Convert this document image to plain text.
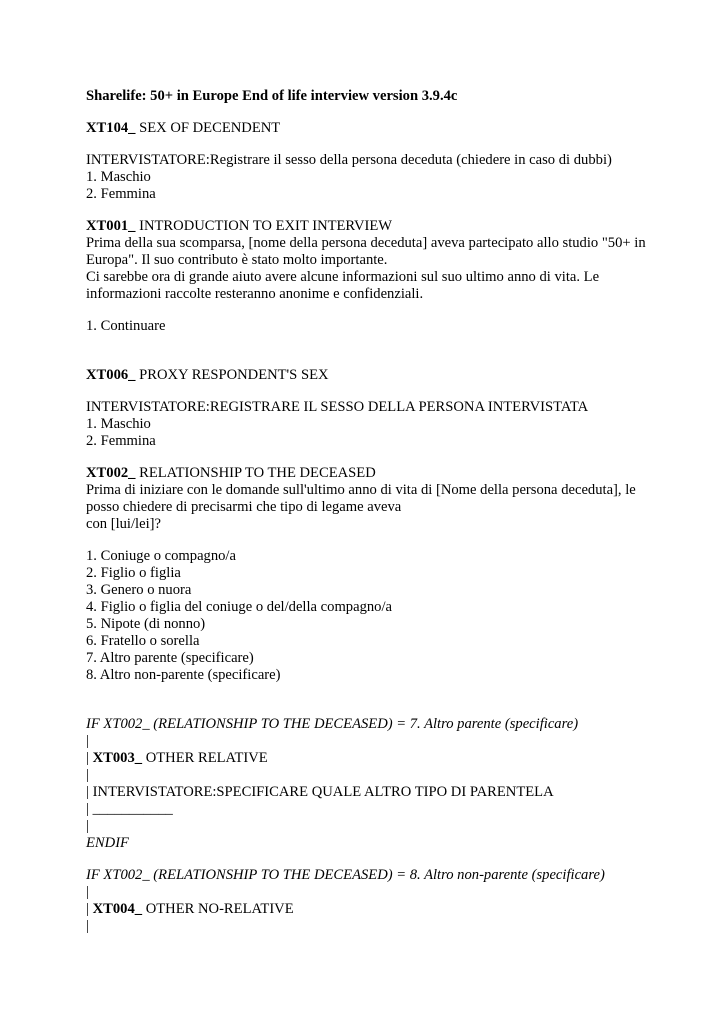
Sharelife: 50+ in Europe End of life interview version 3.9.4c
XT104_ SEX OF DECENDENT
INTERVISTATORE:Registrare il sesso della persona deceduta (chiedere in caso di dubbi)
1. Maschio
2. Femmina
XT001_ INTRODUCTION TO EXIT INTERVIEW
Prima della sua scomparsa, [nome della persona deceduta] aveva partecipato allo studio "50+ in Europa". Il suo contributo è stato molto importante.
Ci sarebbe ora di grande aiuto avere alcune informazioni sul suo ultimo anno di vita. Le informazioni raccolte resteranno anonime e confidenziali.
1. Continuare
XT006_ PROXY RESPONDENT'S SEX
INTERVISTATORE:REGISTRARE IL SESSO DELLA PERSONA INTERVISTATA
1. Maschio
2. Femmina
XT002_ RELATIONSHIP TO THE DECEASED
Prima di iniziare con le domande sull'ultimo anno di vita di [Nome della persona deceduta], le posso chiedere di precisarmi che tipo di legame aveva
con [lui/lei]?
1. Coniuge o compagno/a
2. Figlio o figlia
3. Genero o nuora
4. Figlio o figlia del coniuge o del/della compagno/a
5. Nipote (di nonno)
6. Fratello o sorella
7. Altro parente (specificare)
8. Altro non-parente (specificare)
IF XT002_ (RELATIONSHIP TO THE DECEASED) = 7. Altro parente (specificare)
|
| XT003_ OTHER RELATIVE
|
| INTERVISTATORE:SPECIFICARE QUALE ALTRO TIPO DI PARENTELA
| ___________
|
ENDIF
IF XT002_ (RELATIONSHIP TO THE DECEASED) = 8. Altro non-parente (specificare)
|
| XT004_ OTHER NO-RELATIVE
|
